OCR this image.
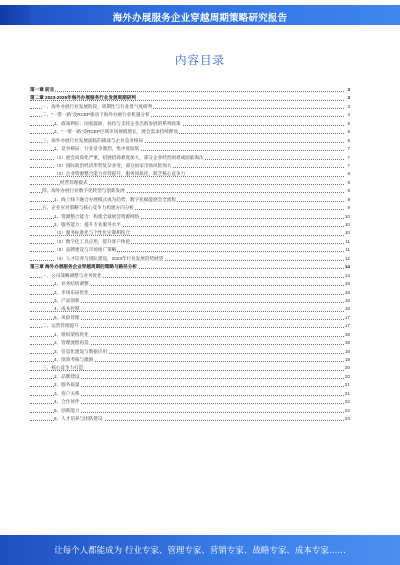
海外办展服务企业穿越周期策略研究报告
内容目录
第一章 前言	3
第二章 2023-2025年海外办展服务行业发展周期研判	3
一、海外办展行业发展阶段、周期性与行业景气度研判	3
二、“一带一路”及RCEP驱动下海外办展行业机遇分析	4
1、政策利好：国家鼓励、扶持与支持企业出海参展的系列政策	5
2、“一带一路”及RCEP区域市场规模增长，展会需求持续释放	6
三、海外办展行业发展面临的挑战与企业竞争格局	6
1、竞争格局：行业竞争激烈，集中度较低	7
（1）展会同质化严重，招展招商难度加大，部分企业经营困难或面临淘汰	7
（2）国际政治经济形势复杂多变，部分国家市场风险加大	7
（3）企业资源整合能力有待提升，服务同质化，缺乏核心竞争力	8
经营管理模式	8
四、海外办展行业数字化转型与创新发展	8
1、线上线下融合办展模式成为趋势，数字化赋能展会全流程	9
五、企业应对策略与核心竞争力构建方向分析	9
1、资源整合能力：构建全球展会资源网络	10
2、服务能力：提升专业服务水平	10
（1）服务标准化与个性化定制相结合	10
（2）数字化工具应用，提升客户体验	11
（3）品牌建设与市场推广策略	11
（4）人才培养与团队建设，2023年行业发展趋势展望	12
第三章 海外办展服务企业穿越周期的策略与路径分析	14
一、公司战略调整与业务优化	14
1、业务结构调整	15
2、市场布局优化	15
3、产品创新	16
4、成本控制	16
5、风险管理	17
二、运营管理提升	17
1、组织架构优化	18
2、管理流程再造	18
3、信息化建设与数据应用	19
4、绩效考核与激励	19
三、核心竞争力打造	20
1、品牌建设	20
2、服务质量	21
3、客户关系	21
4、合作伙伴	22
5、创新能力	22
6、人才培养与团队建设	23
让每个人都能成为 行业专家、管理专家、营销专家、战略专家、成本专家……
